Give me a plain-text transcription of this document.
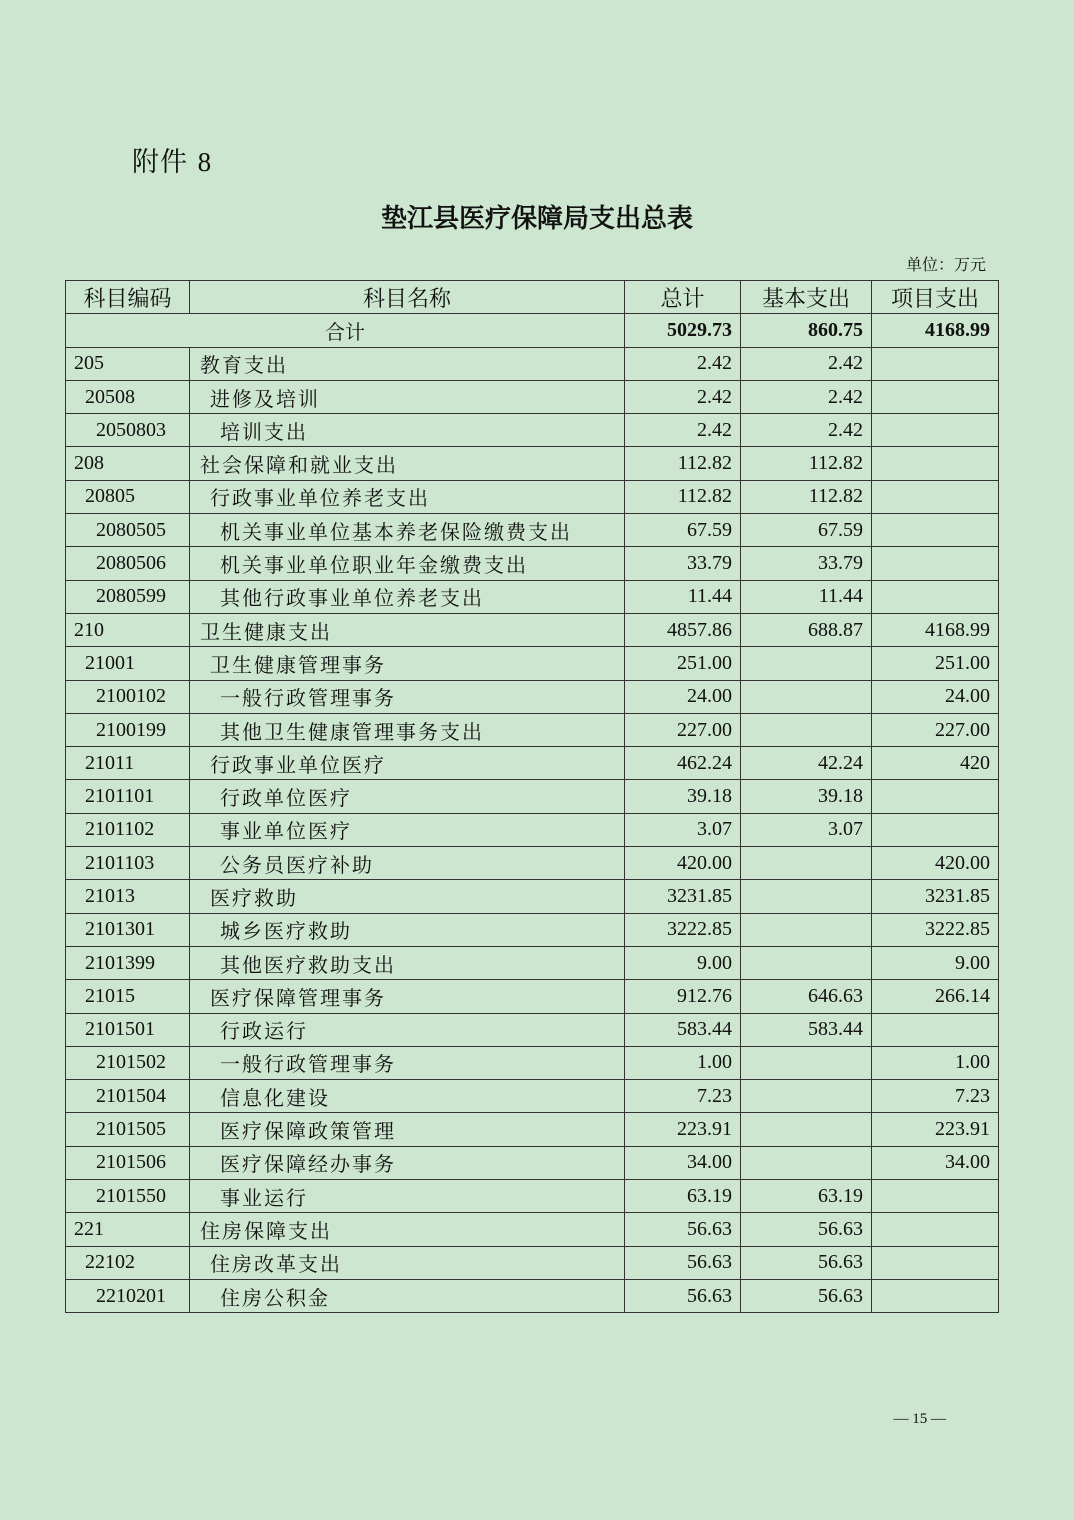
附件 8
垫江县医疗保障局支出总表
单位：万元
科目编码	科目名称	总计	基本支出	项目支出
合计		5029.73	860.75	4168.99
205	教育支出	2.42	2.42	
20508	进修及培训	2.42	2.42	
2050803	培训支出	2.42	2.42	
208	社会保障和就业支出	112.82	112.82	
20805	行政事业单位养老支出	112.82	112.82	
2080505	机关事业单位基本养老保险缴费支出	67.59	67.59	
2080506	机关事业单位职业年金缴费支出	33.79	33.79	
2080599	其他行政事业单位养老支出	11.44	11.44	
210	卫生健康支出	4857.86	688.87	4168.99
21001	卫生健康管理事务	251.00		251.00
2100102	一般行政管理事务	24.00		24.00
2100199	其他卫生健康管理事务支出	227.00		227.00
21011	行政事业单位医疗	462.24	42.24	420
2101101	行政单位医疗	39.18	39.18	
2101102	事业单位医疗	3.07	3.07	
2101103	公务员医疗补助	420.00		420.00
21013	医疗救助	3231.85		3231.85
2101301	城乡医疗救助	3222.85		3222.85
2101399	其他医疗救助支出	9.00		9.00
21015	医疗保障管理事务	912.76	646.63	266.14
2101501	行政运行	583.44	583.44	
2101502	一般行政管理事务	1.00		1.00
2101504	信息化建设	7.23		7.23
2101505	医疗保障政策管理	223.91		223.91
2101506	医疗保障经办事务	34.00		34.00
2101550	事业运行	63.19	63.19	
221	住房保障支出	56.63	56.63	
22102	住房改革支出	56.63	56.63	
2210201	住房公积金	56.63	56.63	
— 15 —
